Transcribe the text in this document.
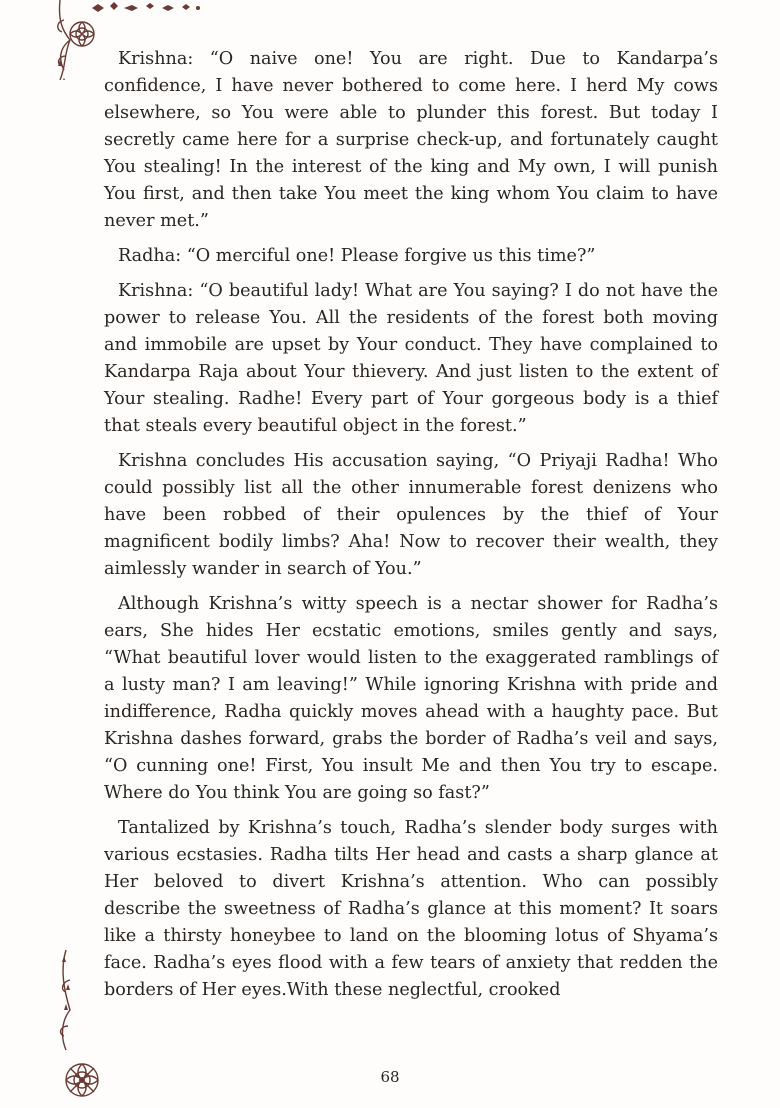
Krishna: “O naive one! You are right. Due to Kandarpa’s confidence, I have never bothered to come here. I herd My cows elsewhere, so You were able to plunder this forest. But today I secretly came here for a surprise check-up, and fortunately caught You stealing! In the interest of the king and My own, I will punish You first, and then take You meet the king whom You claim to have never met.”

Radha: “O merciful one! Please forgive us this time?”

Krishna: “O beautiful lady! What are You saying? I do not have the power to release You. All the residents of the forest both moving and immobile are upset by Your conduct. They have complained to Kandarpa Raja about Your thievery. And just listen to the extent of Your stealing. Radhe! Every part of Your gorgeous body is a thief that steals every beautiful object in the forest.”

Krishna concludes His accusation saying, “O Priyaji Radha! Who could possibly list all the other innumerable forest denizens who have been robbed of their opulences by the thief of Your magnificent bodily limbs? Aha! Now to recover their wealth, they aimlessly wander in search of You.”

Although Krishna’s witty speech is a nectar shower for Radha’s ears, She hides Her ecstatic emotions, smiles gently and says, “What beautiful lover would listen to the exaggerated ramblings of a lusty man? I am leaving!” While ignoring Krishna with pride and indifference, Radha quickly moves ahead with a haughty pace. But Krishna dashes forward, grabs the border of Radha’s veil and says, “O cunning one! First, You insult Me and then You try to escape. Where do You think You are going so fast?”

Tantalized by Krishna’s touch, Radha’s slender body surges with various ecstasies. Radha tilts Her head and casts a sharp glance at Her beloved to divert Krishna’s attention. Who can possibly describe the sweetness of Radha’s glance at this moment? It soars like a thirsty honeybee to land on the blooming lotus of Shyama’s face. Radha’s eyes flood with a few tears of anxiety that redden the borders of Her eyes.With these neglectful, crooked

68
